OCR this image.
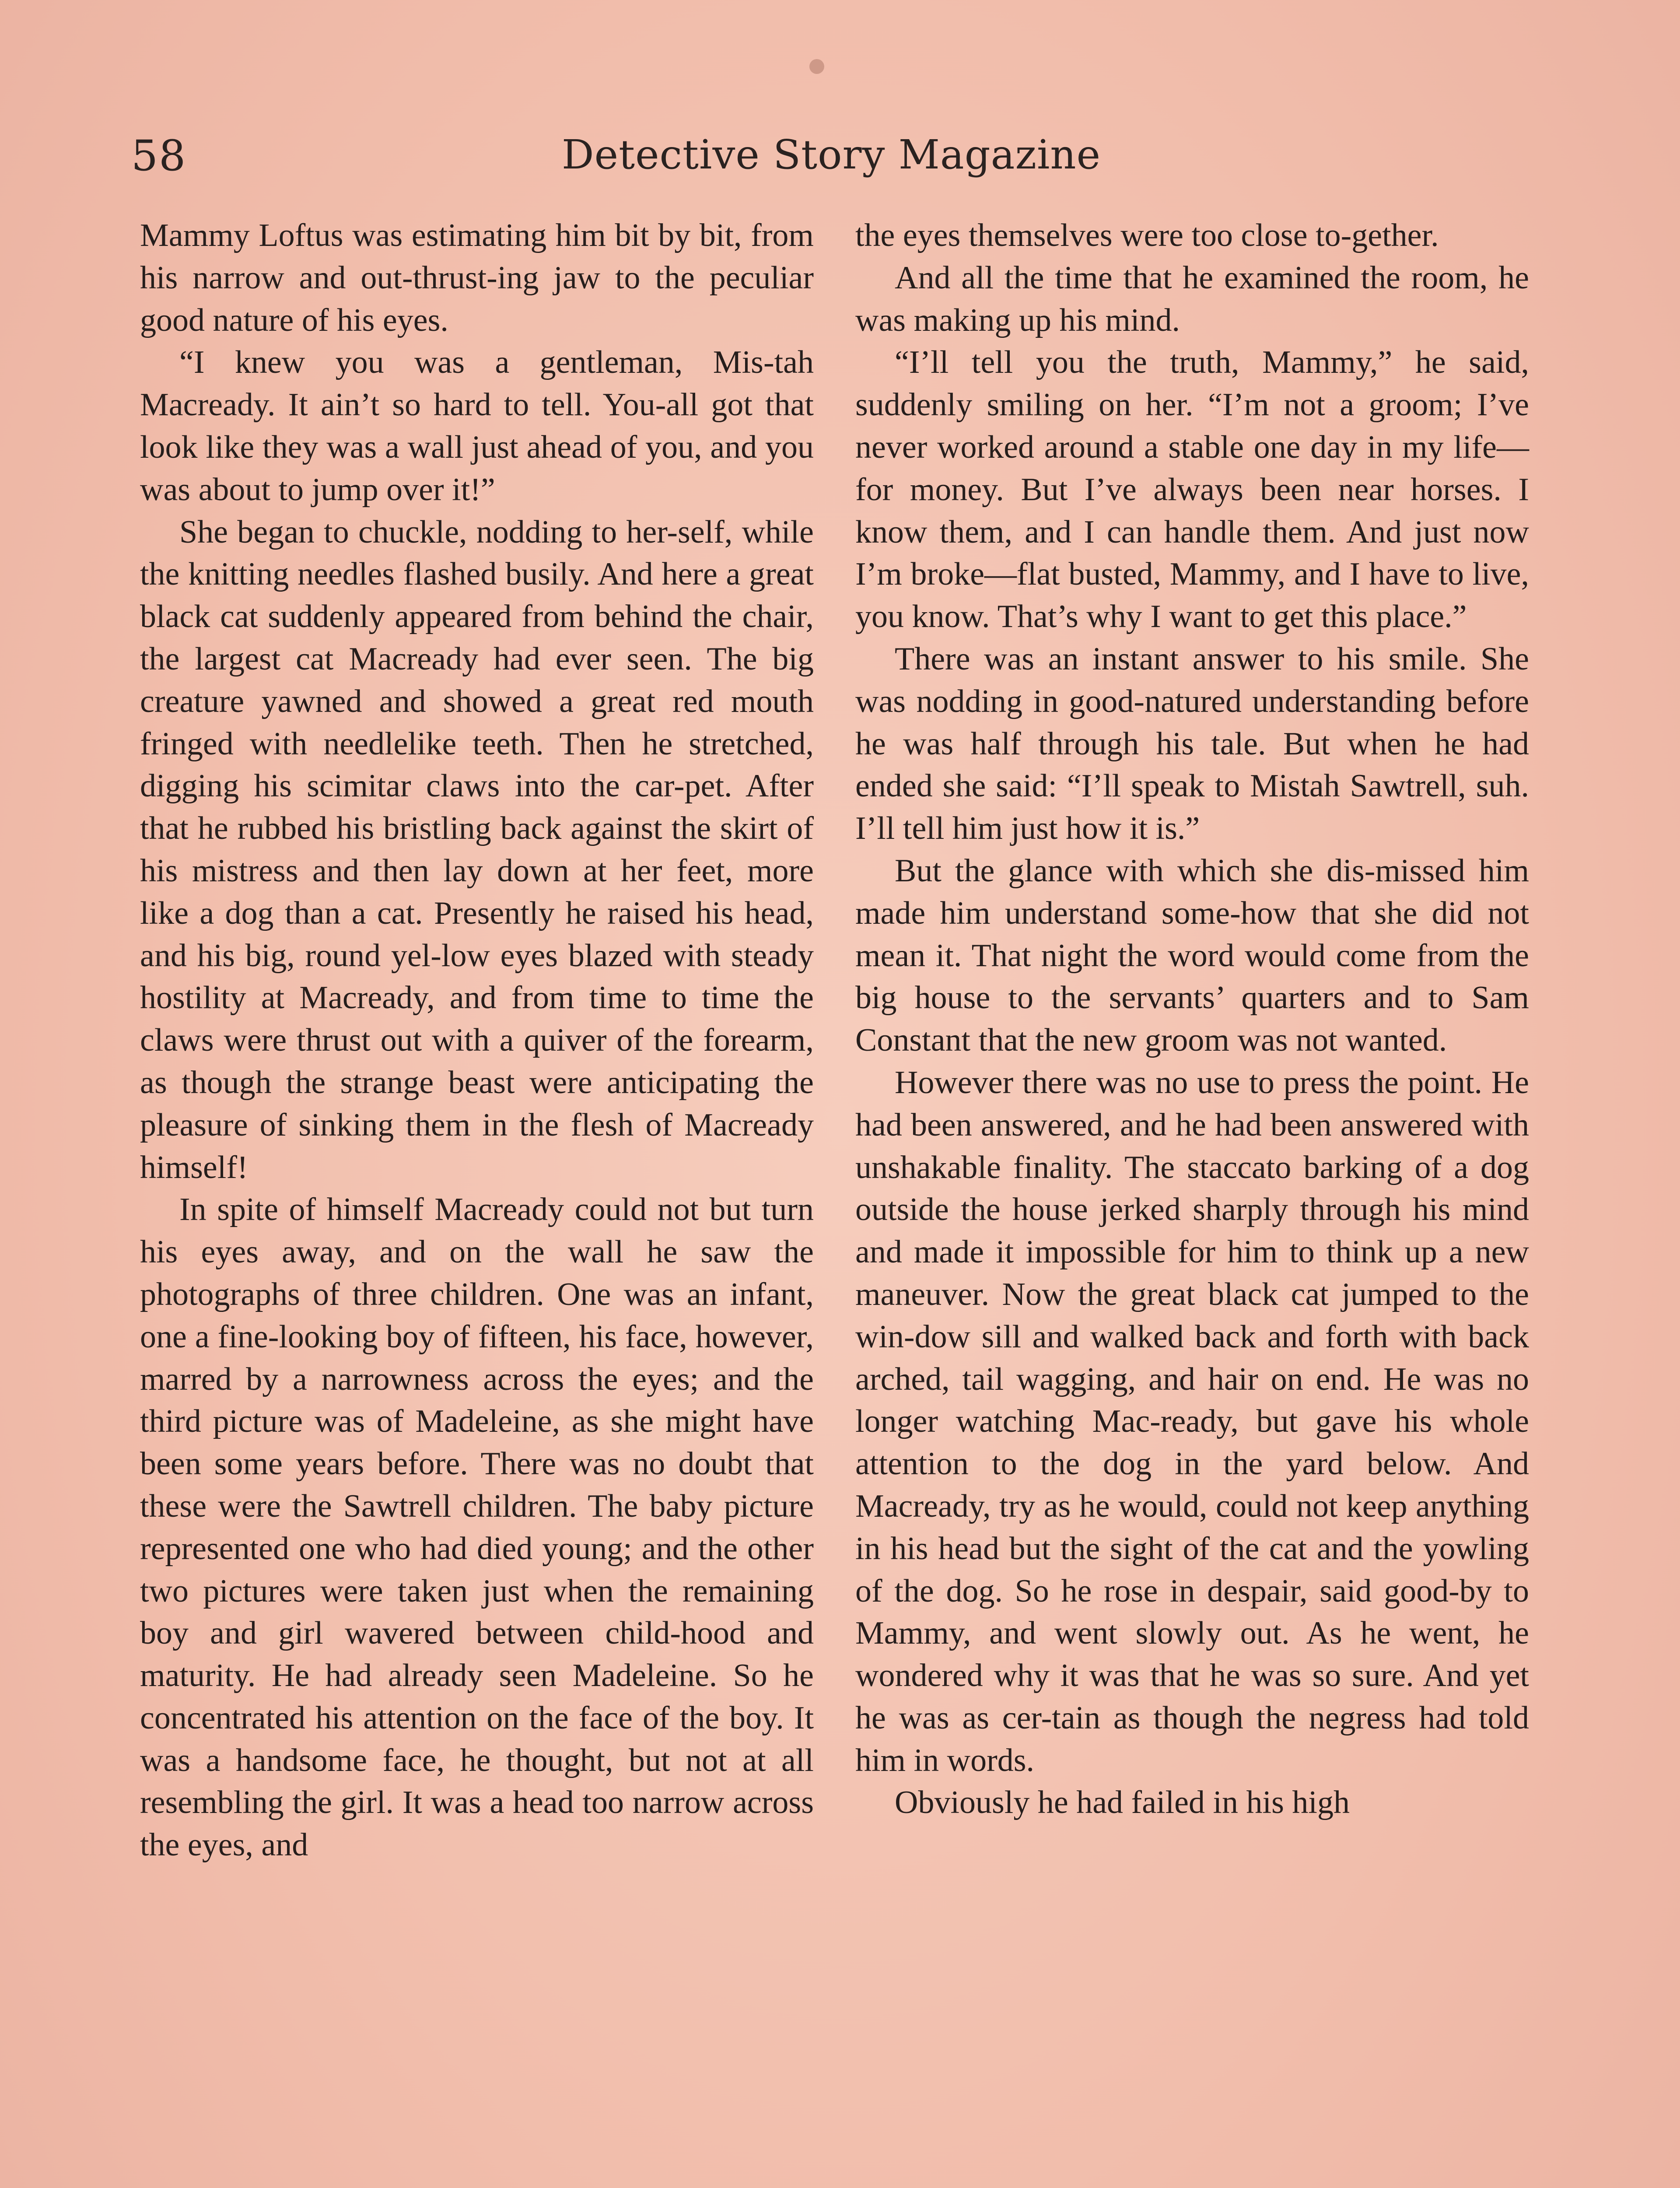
58	Detective Story Magazine

Mammy Loftus was estimating him bit by bit, from his narrow and out-thrust-ing jaw to the peculiar good nature of his eyes.

“I knew you was a gentleman, Mis-tah Macready. It ain’t so hard to tell. You-all got that look like they was a wall just ahead of you, and you was about to jump over it!”

She began to chuckle, nodding to her-self, while the knitting needles flashed busily. And here a great black cat suddenly appeared from behind the chair, the largest cat Macready had ever seen. The big creature yawned and showed a great red mouth fringed with needlelike teeth. Then he stretched, digging his scimitar claws into the car-pet. After that he rubbed his bristling back against the skirt of his mistress and then lay down at her feet, more like a dog than a cat. Presently he raised his head, and his big, round yel-low eyes blazed with steady hostility at Macready, and from time to time the claws were thrust out with a quiver of the forearm, as though the strange beast were anticipating the pleasure of sinking them in the flesh of Macready himself!

In spite of himself Macready could not but turn his eyes away, and on the wall he saw the photographs of three children. One was an infant, one a fine-looking boy of fifteen, his face, however, marred by a narrowness across the eyes; and the third picture was of Madeleine, as she might have been some years before. There was no doubt that these were the Sawtrell children. The baby picture represented one who had died young; and the other two pictures were taken just when the remaining boy and girl wavered between child-hood and maturity. He had already seen Madeleine. So he concentrated his attention on the face of the boy. It was a handsome face, he thought, but not at all resembling the girl. It was a head too narrow across the eyes, and

the eyes themselves were too close to-gether.

And all the time that he examined the room, he was making up his mind.

“I’ll tell you the truth, Mammy,” he said, suddenly smiling on her. “I’m not a groom; I’ve never worked around a stable one day in my life—for money. But I’ve always been near horses. I know them, and I can handle them. And just now I’m broke—flat busted, Mammy, and I have to live, you know. That’s why I want to get this place.”

There was an instant answer to his smile. She was nodding in good-natured understanding before he was half through his tale. But when he had ended she said: “I’ll speak to Mistah Sawtrell, suh. I’ll tell him just how it is.”

But the glance with which she dis-missed him made him understand some-how that she did not mean it. That night the word would come from the big house to the servants’ quarters and to Sam Constant that the new groom was not wanted.

However there was no use to press the point. He had been answered, and he had been answered with unshakable finality. The staccato barking of a dog outside the house jerked sharply through his mind and made it impossible for him to think up a new maneuver. Now the great black cat jumped to the win-dow sill and walked back and forth with back arched, tail wagging, and hair on end. He was no longer watching Mac-ready, but gave his whole attention to the dog in the yard below. And Macready, try as he would, could not keep anything in his head but the sight of the cat and the yowling of the dog. So he rose in despair, said good-by to Mammy, and went slowly out. As he went, he wondered why it was that he was so sure. And yet he was as cer-tain as though the negress had told him in words.

Obviously he had failed in his high
